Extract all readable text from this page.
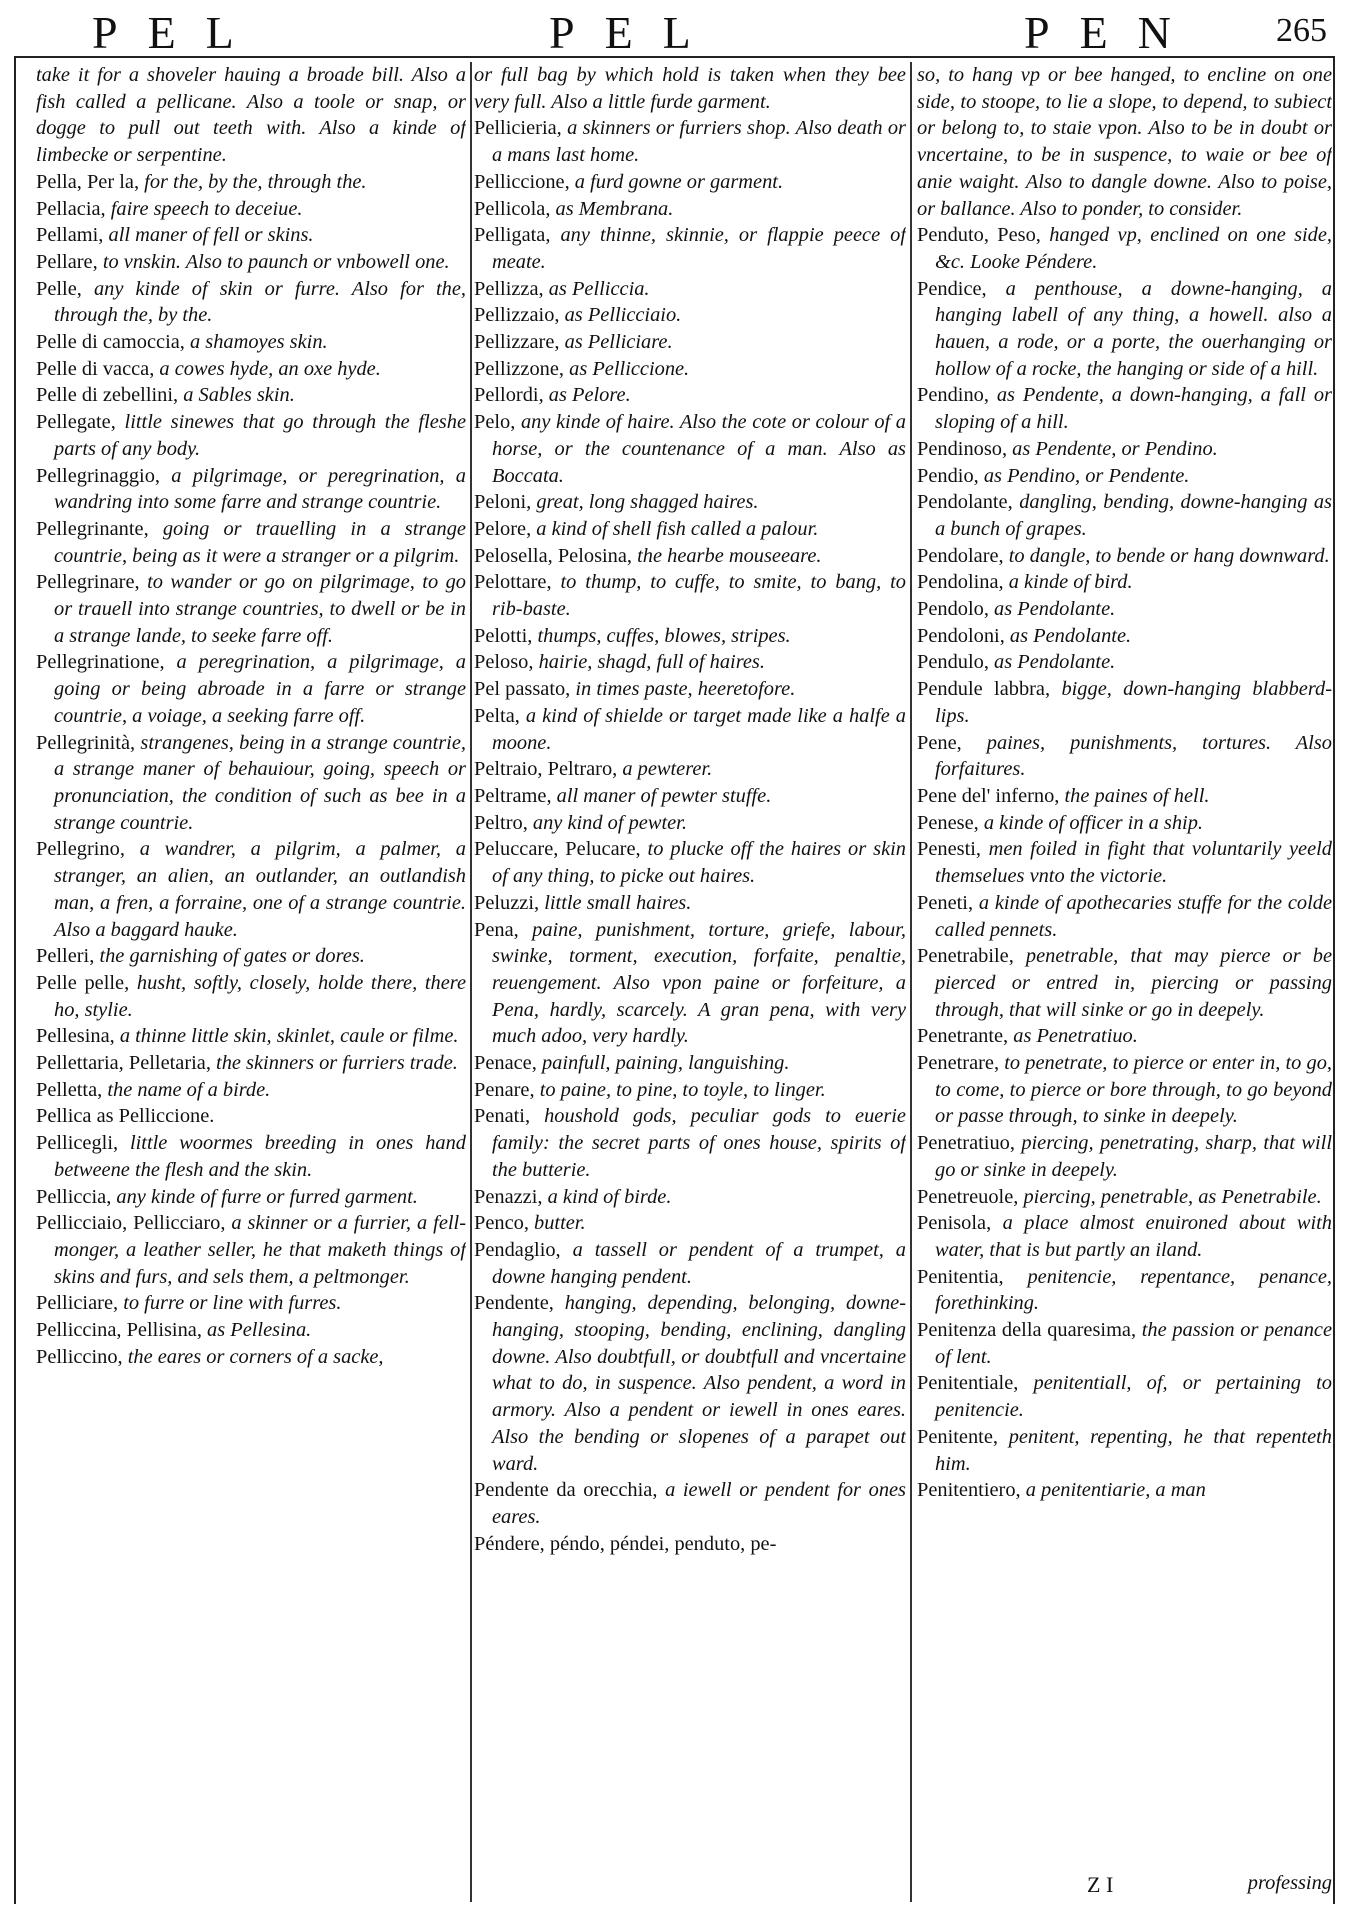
PEL	PEL	PEN 265
take it for a shoveler hauing a broade bill. Also a fish called a pellicane. Also a toole or snap, or dogge to pull out teeth with. Also a kinde of limbecke or serpentine.
Pella, Per la, for the, by the, through the.
Pellacia, faire speech to deceiue.
Pellami, all maner of fell or skins.
Pellare, to vnskin. Also to paunch or vnbowell one.
Pelle, any kinde of skin or furre. Also for the, through the, by the.
Pelle di camoccia, a shamoyes skin.
Pelle di vacca, a cowes hyde, an oxe hyde.
Pelle di zebellini, a Sables skin.
Pellegate, little sinewes that go through the fleshe parts of any body.
Pellegrinaggio, a pilgrimage, or peregrination, a wandring into some farre and strange countrie.
Pellegrinante, going or trauelling in a strange countrie, being as it were a stranger or a pilgrim.
Pellegrinare, to wander or go on pilgrimage, to go or trauell into strange countries, to dwell or be in a strange lande, to seeke farre off.
Pellegrinatione, a peregrination, a pilgrimage, a going or being abroade in a farre or strange countrie, a voiage, a seeking farre off.
Pellegrinità, strangenes, being in a strange countrie, a strange maner of behauiour, going, speech or pronunciation, the condition of such as bee in a strange countrie.
Pellegrino, a wandrer, a pilgrim, a palmer, a stranger, an alien, an outlander, an outlandish man, a fren, a forraine, one of a strange countrie. Also a baggard hauke.
Pelleri, the garnishing of gates or dores.
Pelle pelle, husht, softly, closely, holde there, there ho, stylie.
Pellesina, a thinne little skin, skinlet, caule or filme.
Pellettaria, Pelletaria, the skinners or furriers trade.
Pelletta, the name of a birde.
Pellica as Pelliccione.
Pellicegli, little woormes breeding in ones hand betweene the flesh and the skin.
Pelliccia, any kinde of furre or furred garment.
Pellicciaio, Pellicciaro, a skinner or a furrier, a fell-monger, a leather seller, he that maketh things of skins and furs, and sels them, a peltmonger.
Pelliciare, to furre or line with furres.
Pelliccina, Pellisina, as Pellesina.
Pelliccino, the eares or corners of a sacke,
or full bag by which hold is taken when they bee very full. Also a little furde garment.
Pellicieria, a skinners or furriers shop. Also death or a mans last home.
Pelliccione, a furd gowne or garment.
Pellicola, as Membrana.
Pelligata, any thinne, skinnie, or flappie peece of meate.
Pellizza, as Pelliccia.
Pellizzaio, as Pellicciaio.
Pellizzare, as Pelliciare.
Pellizzone, as Pelliccione.
Pellordi, as Pelore.
Pelo, any kinde of haire. Also the cote or colour of a horse, or the countenance of a man. Also as Boccata.
Peloni, great, long shagged haires.
Pelore, a kind of shell fish called a palour.
Pelosella, Pelosina, the hearbe mouseeare.
Pelottare, to thump, to cuffe, to smite, to bang, to rib-baste.
Pelotti, thumps, cuffes, blowes, stripes.
Peloso, hairie, shagd, full of haires.
Pel passato, in times paste, heeretofore.
Pelta, a kind of shielde or target made like a halfe a moone.
Peltraio, Peltraro, a pewterer.
Peltrame, all maner of pewter stuffe.
Peltro, any kind of pewter.
Peluccare, Pelucare, to plucke off the haires or skin of any thing, to picke out haires.
Peluzzi, little small haires.
Pena, paine, punishment, torture, griefe, labour, swinke, torment, execution, forfaite, penaltie, reuengement. Also vpon paine or forfeiture, a Pena, hardly, scarcely. A gran pena, with very much adoo, very hardly.
Penace, painfull, paining, languishing.
Penare, to paine, to pine, to toyle, to linger.
Penati, houshold gods, peculiar gods to euerie family: the secret parts of ones house, spirits of the butterie.
Penazzi, a kind of birde.
Penco, butter.
Pendaglio, a tassell or pendent of a trumpet, a downe hanging pendent.
Pendente, hanging, depending, belonging, downe-hanging, stooping, bending, enclining, dangling downe. Also doubtfull, or doubtfull and vncertaine what to do, in suspence. Also pendent, a word in armory. Also a pendent or iewell in ones eares. Also the bending or slopenes of a parapet out ward.
Pendente da orecchia, a iewell or pendent for ones eares.
Péndere, péndo, péndei, penduto, pe-
so, to hang vp or bee hanged, to encline on one side, to stoope, to lie a slope, to depend, to subiect or belong to, to staie vpon. Also to be in doubt or vncertaine, to be in suspence, to waie or bee of anie waight. Also to dangle downe. Also to poise, or ballance. Also to ponder, to consider.
Penduto, Peso, hanged vp, enclined on one side, &c. Looke Péndere.
Pendice, a penthouse, a downe-hanging, a hanging labell of any thing, a howell. also a hauen, a rode, or a porte, the ouerhanging or hollow of a rocke, the hanging or side of a hill.
Pendino, as Pendente, a down-hanging, a fall or sloping of a hill.
Pendinoso, as Pendente, or Pendino.
Pendio, as Pendino, or Pendente.
Pendolante, dangling, bending, downe-hanging as a bunch of grapes.
Pendolare, to dangle, to bende or hang downward.
Pendolina, a kinde of bird.
Pendolo, as Pendolante.
Pendoloni, as Pendolante.
Pendulo, as Pendolante.
Pendule labbra, bigge, down-hanging blabberd-lips.
Pene, paines, punishments, tortures. Also forfaitures.
Pene del' inferno, the paines of hell.
Penese, a kinde of officer in a ship.
Penesti, men foiled in fight that voluntarily yeeld themselues vnto the victorie.
Peneti, a kinde of apothecaries stuffe for the colde called pennets.
Penetrabile, penetrable, that may pierce or be pierced or entred in, piercing or passing through, that will sinke or go in deepely.
Penetrante, as Penetratiuo.
Penetrare, to penetrate, to pierce or enter in, to go, to come, to pierce or bore through, to go beyond or passe through, to sinke in deepely.
Penetratiuo, piercing, penetrating, sharp, that will go or sinke in deepely.
Penetreuole, piercing, penetrable, as Penetrabile.
Penisola, a place almost enuironed about with water, that is but partly an iland.
Penitentia, penitencie, repentance, penance, forethinking.
Penitenza della quaresima, the passion or penance of lent.
Penitentiale, penitentiall, of, or pertaining to penitencie.
Penitente, penitent, repenting, he that repenteth him.
Penitentiero, a penitentiarie, a man
Z I	professing
